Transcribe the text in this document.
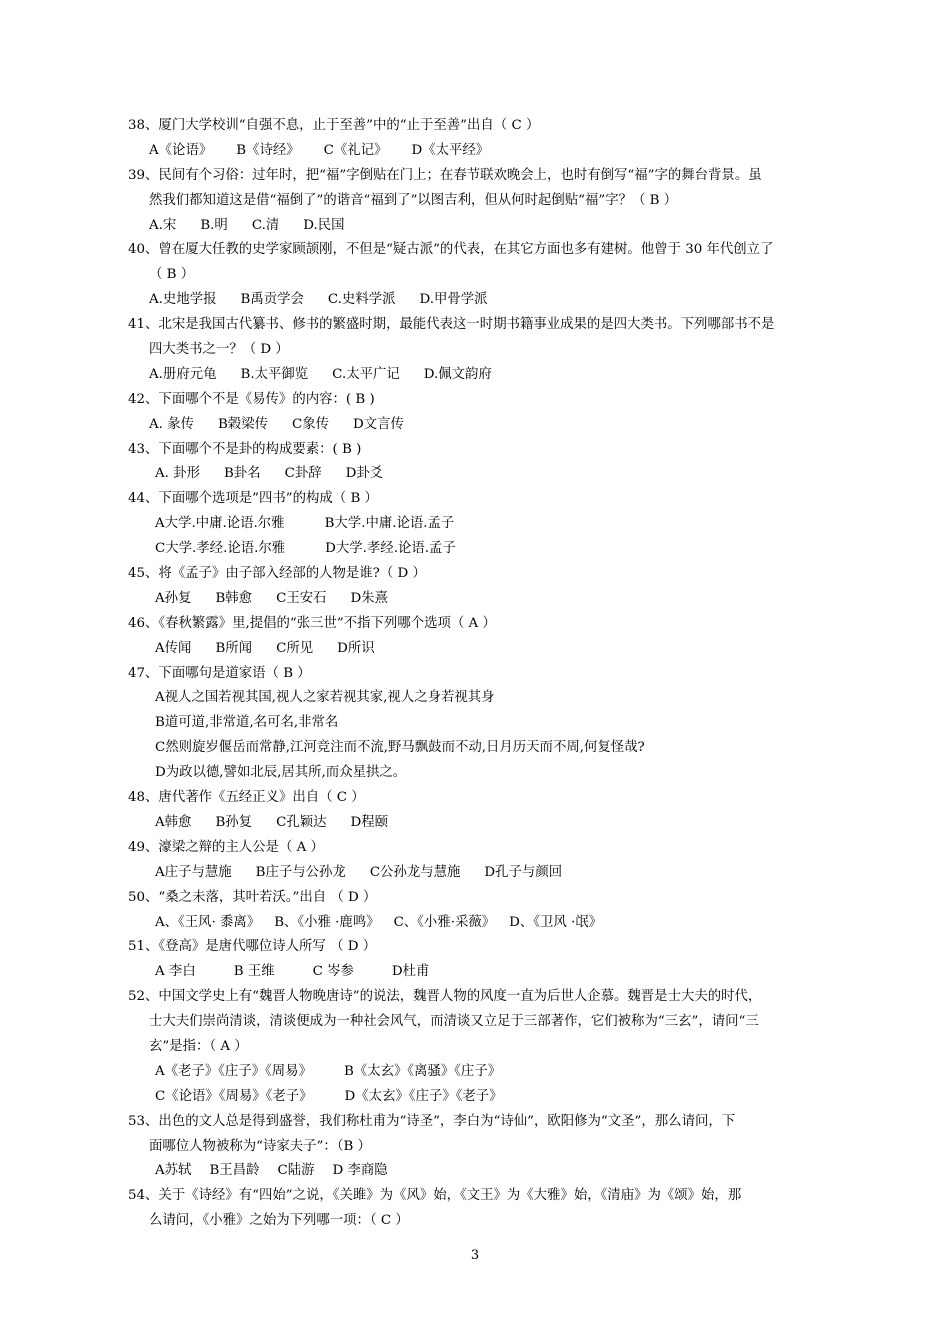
38、厦门大学校训“自强不息，止于至善”中的“止于至善”出自（ C ）
A《论语》 B《诗经》 C《礼记》 D《太平经》
39、民间有个习俗：过年时，把“福”字倒贴在门上；在春节联欢晚会上，也时有倒写“福”字的舞台背景。虽
然我们都知道这是借“福倒了”的谐音“福到了”以图吉利，但从何时起倒贴“福”字？（ B ）
A.宋 B.明 C.清 D.民国
40、曾在厦大任教的史学家顾颉刚，不但是“疑古派”的代表，在其它方面也多有建树。他曾于 30 年代创立了
（ B ）
A.史地学报 B禹贡学会 C.史料学派 D.甲骨学派
41、北宋是我国古代纂书、修书的繁盛时期，最能代表这一时期书籍事业成果的是四大类书。下列哪部书不是
四大类书之一？（ D ）
A.册府元龟 B.太平御览 C.太平广记 D.佩文韵府
42、下面哪个不是《易传》的内容：( B )
A. 彖传 B榖梁传 C象传 D文言传
43、下面哪个不是卦的构成要素：( B )
A. 卦形 B卦名 C卦辞 D卦爻
44、下面哪个选项是”四书”的构成（ B ）
A大学.中庸.论语.尔雅	B大学.中庸.论语.孟子
C大学.孝经.论语.尔雅	D大学.孝经.论语.孟子
45、将《孟子》由子部入经部的人物是谁?（ D ）
A孙复 B韩愈 C王安石 D朱熹
46、《春秋繁露》里,提倡的“张三世”不指下列哪个选项（ A ）
A传闻 B所闻 C所见 D所识
47、下面哪句是道家语（ B ）
A视人之国若视其国,视人之家若视其家,视人之身若视其身
B道可道,非常道,名可名,非常名
C然则旋岁偃岳而常静,江河竞注而不流,野马飘鼓而不动,日月历天而不周,何复怪哉?
D为政以德,譬如北辰,居其所,而众星拱之。
48、唐代著作《五经正义》出自（ C ）
A韩愈 B孙复 C孔颖达 D程颐
49、濠梁之辩的主人公是（ A ）
A庄子与慧施 B庄子与公孙龙 C公孙龙与慧施 D孔子与颜回
50、“桑之未落，其叶若沃。”出自 （ D ）
A、《王风· 黍离》 B、《小雅 ·鹿鸣》 C、《小雅·采薇》 D、《卫风 ·氓》
51、《登高》是唐代哪位诗人所写 （ D ）
A 李白	B 王维	C 岑参	D杜甫
52、中国文学史上有“魏晋人物晚唐诗”的说法，魏晋人物的风度一直为后世人企慕。魏晋是士大夫的时代，
士大夫们崇尚清谈，清谈便成为一种社会风气，而清谈又立足于三部著作，它们被称为“三玄”，请问“三
玄”是指：（ A ）
A《老子》《庄子》《周易》 B《太玄》《离骚》《庄子》
C《论语》《周易》《老子》 D《太玄》《庄子》《老子》
53、出色的文人总是得到盛誉，我们称杜甫为“诗圣”，李白为“诗仙”，欧阳修为“文圣”，那么请问，下
面哪位人物被称为“诗家夫子”：（B ）
A苏轼 B王昌龄 C陆游 D 李商隐
54、关于《诗经》有“四始”之说，《关雎》为《风》始，《文王》为《大雅》始，《清庙》为《颂》始，那
么请问，《小雅》之始为下列哪一项：（ C ）
3
